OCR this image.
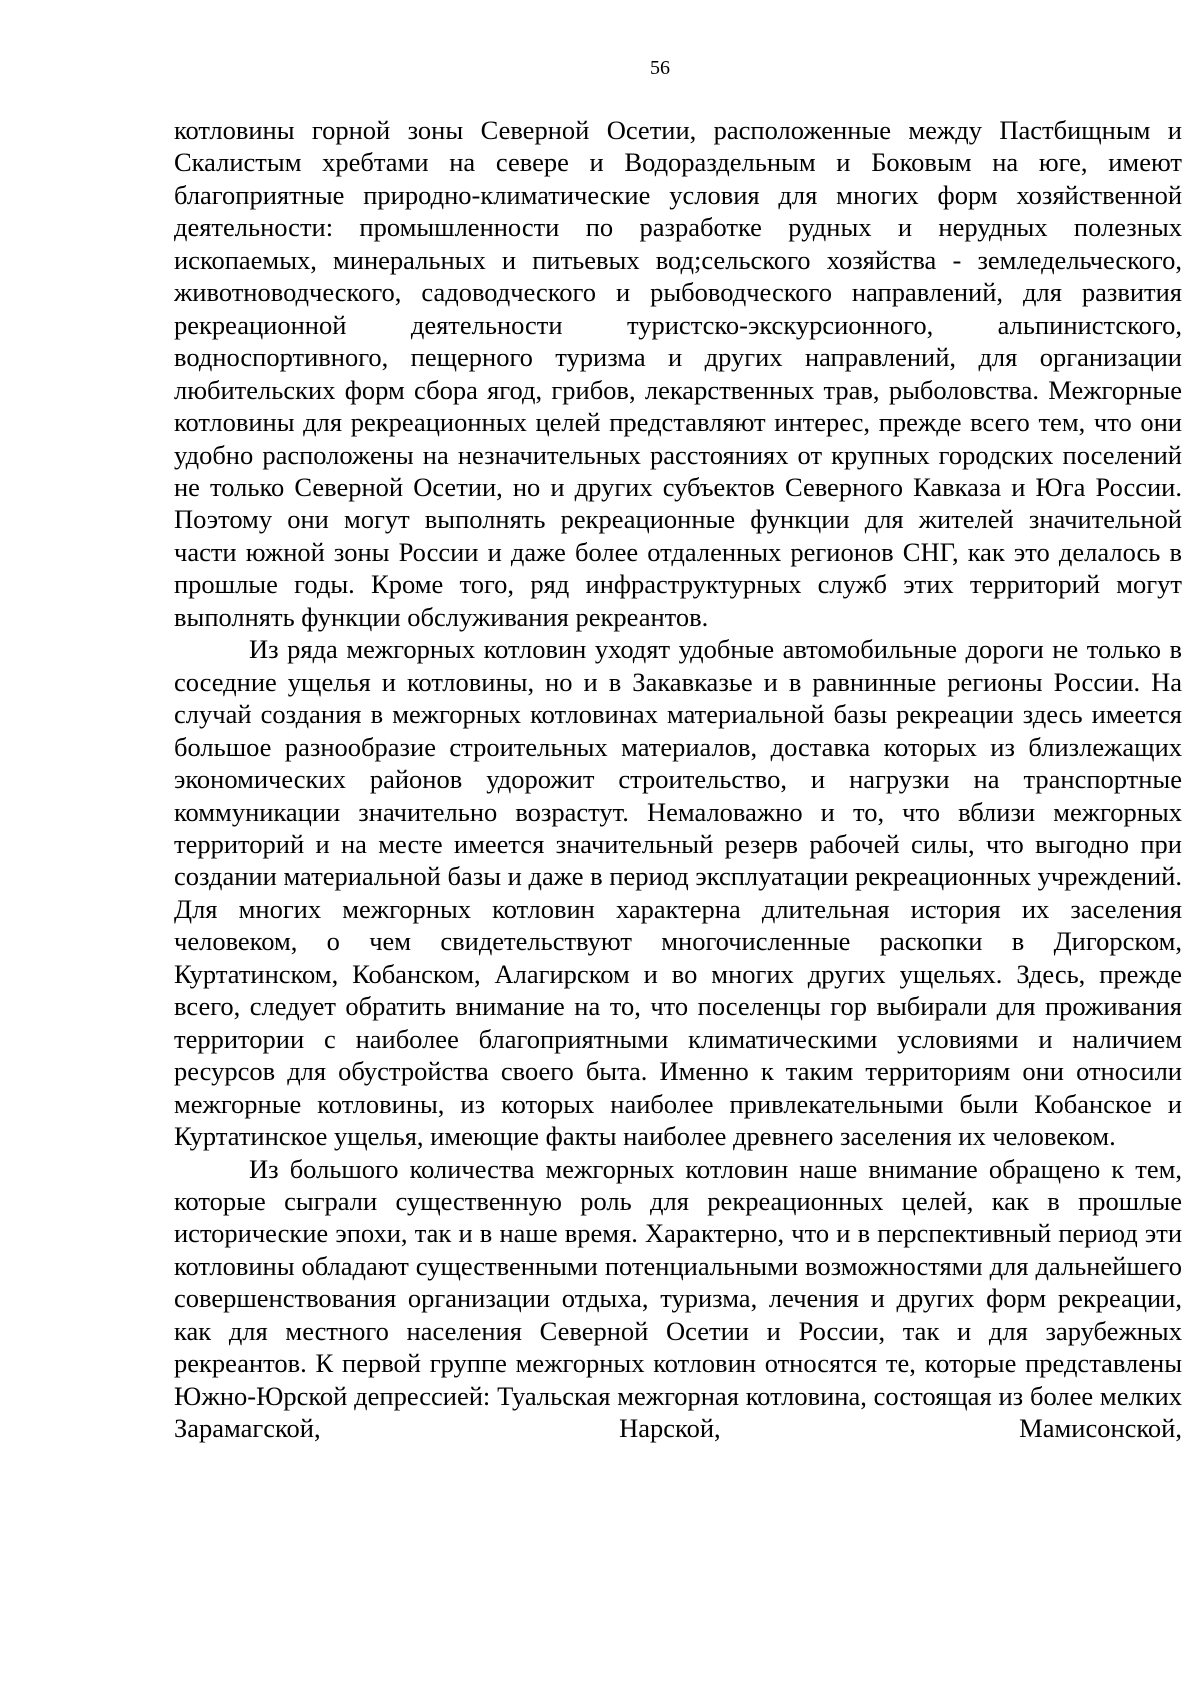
56

котловины горной зоны Северной Осетии, расположенные между Пастбищным и Скалистым хребтами на севере и Водораздельным и Боковым на юге, имеют благоприятные природно-климатические условия для многих форм хозяйственной деятельности: промышленности по разработке рудных и нерудных полезных ископаемых, минеральных и питьевых вод;сельского хозяйства - земледельческого, животноводческого, садоводческого и рыбоводческого направлений, для развития рекреационной деятельности туристско-экскурсионного, альпинистского, водноспортивного, пещерного туризма и других направлений, для организации любительских форм сбора ягод, грибов, лекарственных трав, рыболовства. Межгорные котловины для рекреационных целей представляют интерес, прежде всего тем, что они удобно расположены на незначительных расстояниях от крупных городских поселений не только Северной Осетии, но и других субъектов Северного Кавказа и Юга России. Поэтому они могут выполнять рекреационные функции для жителей значительной части южной зоны России и даже более отдаленных регионов СНГ, как это делалось в прошлые годы. Кроме того, ряд инфраструктурных служб этих территорий могут выполнять функции обслуживания рекреантов.

Из ряда межгорных котловин уходят удобные автомобильные дороги не только в соседние ущелья и котловины, но и в Закавказье и в равнинные регионы России. На случай создания в межгорных котловинах материальной базы рекреации здесь имеется большое разнообразие строительных материалов, доставка которых из близлежащих экономических районов удорожит строительство, и нагрузки на транспортные коммуникации значительно возрастут. Немаловажно и то, что вблизи межгорных территорий и на месте имеется значительный резерв рабочей силы, что выгодно при создании материальной базы и даже в период эксплуатации рекреационных учреждений. Для многих межгорных котловин характерна длительная история их заселения человеком, о чем свидетельствуют многочисленные раскопки в Дигорском, Куртатинском, Кобанском, Алагирском и во многих других ущельях. Здесь, прежде всего, следует обратить внимание на то, что поселенцы гор выбирали для проживания территории с наиболее благоприятными климатическими условиями и наличием ресурсов для обустройства своего быта. Именно к таким территориям они относили межгорные котловины, из которых наиболее привлекательными были Кобанское и Куртатинское ущелья, имеющие факты наиболее древнего заселения их человеком.

Из большого количества межгорных котловин наше внимание обращено к тем, которые сыграли существенную роль для рекреационных целей, как в прошлые исторические эпохи, так и в наше время. Характерно, что и в перспективный период эти котловины обладают существенными потенциальными возможностями для дальнейшего совершенствования организации отдыха, туризма, лечения и других форм рекреации, как для местного населения Северной Осетии и России, так и для зарубежных рекреантов. К первой группе межгорных котловин относятся те, которые представлены Южно-Юрской депрессией: Туальская межгорная котловина, состоящая из более мелких Зарамагской, Нарской, Мамисонской,
